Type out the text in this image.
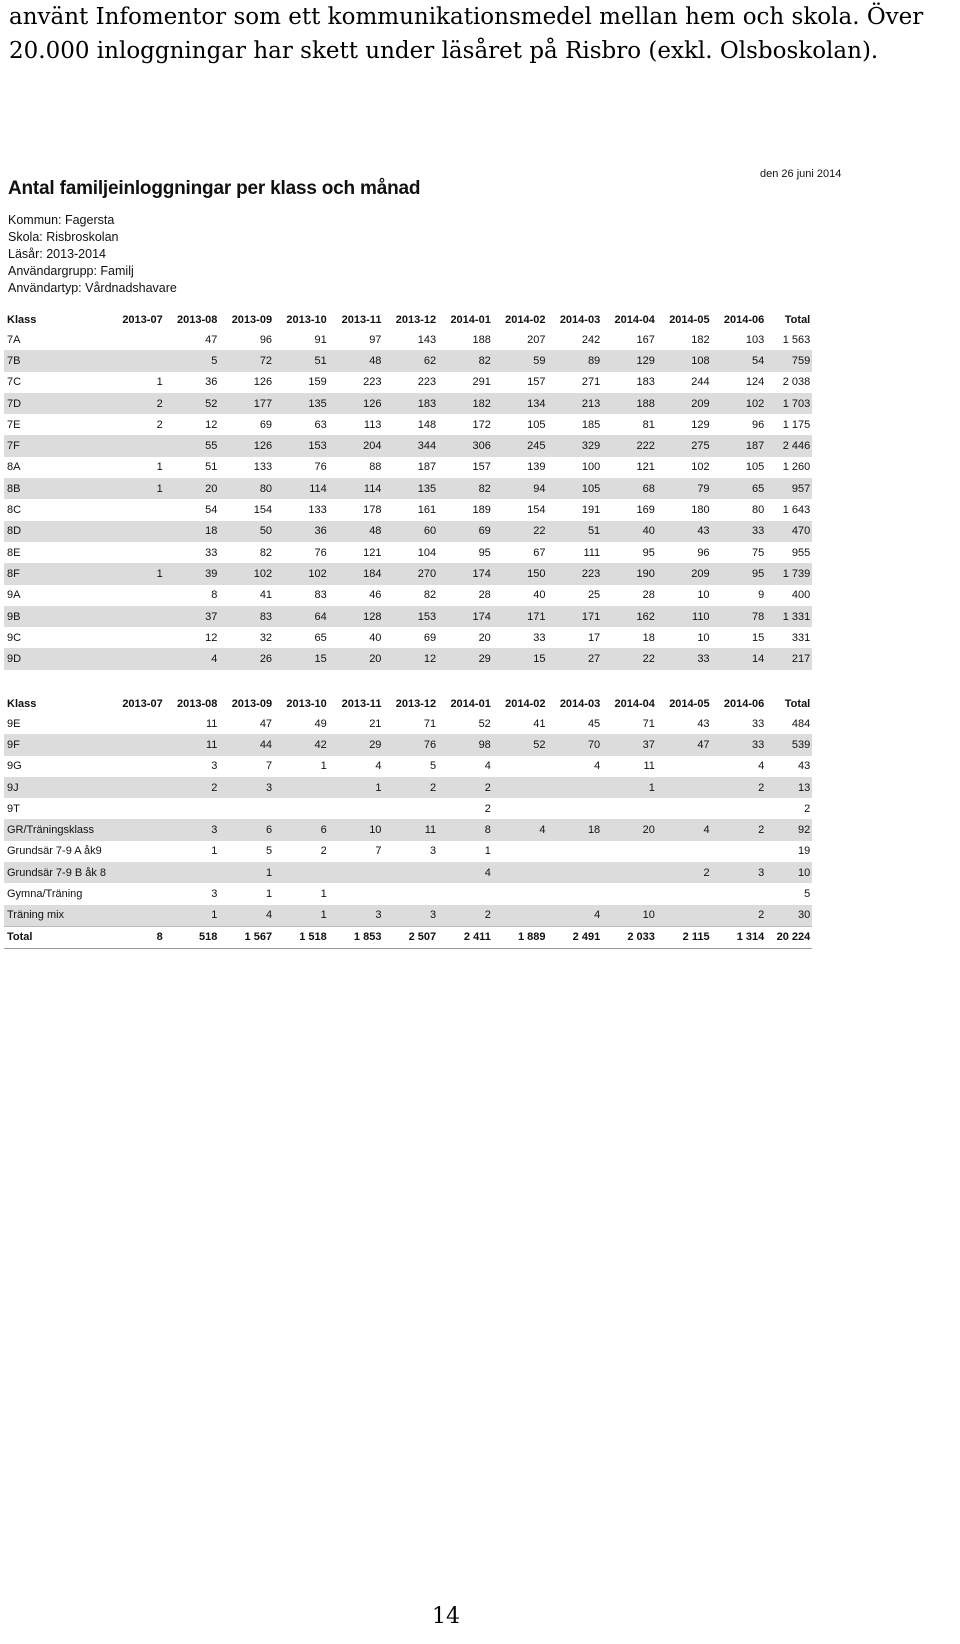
använt Infomentor som ett kommunikationsmedel mellan hem och skola. Över
20.000 inloggningar har skett under läsåret på Risbro (exkl. Olsboskolan).

den 26 juni 2014
Antal familjeinloggningar per klass och månad
Kommun: Fagersta
Skola: Risbroskolan
Läsår: 2013-2014
Användargrupp: Familj
Användartyp: Vårdnadshavare
Klass	2013-07	2013-08	2013-09	2013-10	2013-11	2013-12	2014-01	2014-02	2014-03	2014-04	2014-05	2014-06	Total
7A		47	96	91	97	143	188	207	242	167	182	103	1 563
7B		5	72	51	48	62	82	59	89	129	108	54	759
7C	1	36	126	159	223	223	291	157	271	183	244	124	2 038
7D	2	52	177	135	126	183	182	134	213	188	209	102	1 703
7E	2	12	69	63	113	148	172	105	185	81	129	96	1 175
7F		55	126	153	204	344	306	245	329	222	275	187	2 446
8A	1	51	133	76	88	187	157	139	100	121	102	105	1 260
8B	1	20	80	114	114	135	82	94	105	68	79	65	957
8C		54	154	133	178	161	189	154	191	169	180	80	1 643
8D		18	50	36	48	60	69	22	51	40	43	33	470
8E		33	82	76	121	104	95	67	111	95	96	75	955
8F	1	39	102	102	184	270	174	150	223	190	209	95	1 739
9A		8	41	83	46	82	28	40	25	28	10	9	400
9B		37	83	64	128	153	174	171	171	162	110	78	1 331
9C		12	32	65	40	69	20	33	17	18	10	15	331
9D		4	26	15	20	12	29	15	27	22	33	14	217
Klass	2013-07	2013-08	2013-09	2013-10	2013-11	2013-12	2014-01	2014-02	2014-03	2014-04	2014-05	2014-06	Total
9E		11	47	49	21	71	52	41	45	71	43	33	484
9F		11	44	42	29	76	98	52	70	37	47	33	539
9G		3	7	1	4	5	4		4	11		4	43
9J		2	3		1	2	2			1		2	13
9T							2						2
GR/Träningsklass		3	6	6	10	11	8	4	18	20	4	2	92
Grundsär 7-9 A åk9		1	5	2	7	3	1						19
Grundsär 7-9 B åk 8			1				4				2	3	10
Gymna/Träning		3	1	1									5
Träning mix		1	4	1	3	3	2		4	10		2	30
Total	8	518	1 567	1 518	1 853	2 507	2 411	1 889	2 491	2 033	2 115	1 314	20 224
14
